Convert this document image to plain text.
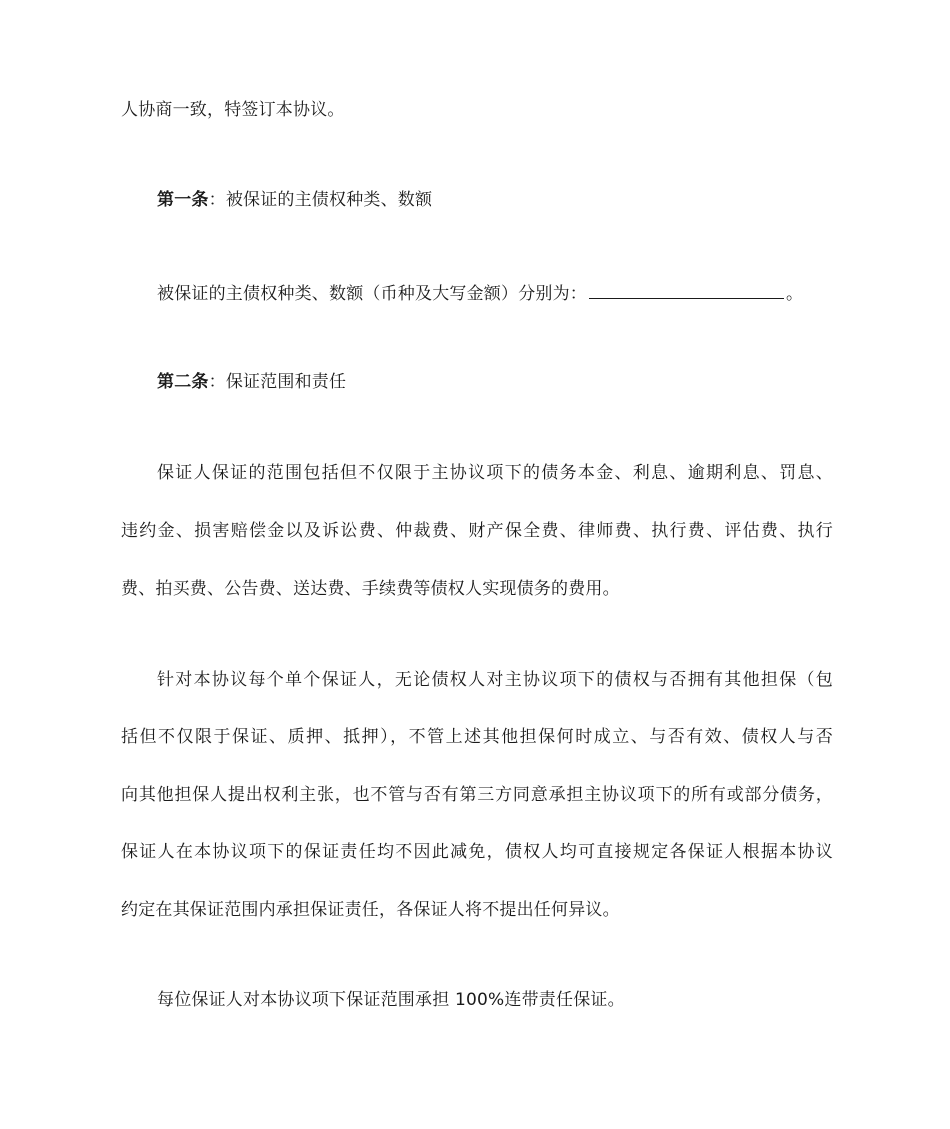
人协商一致，特签订本协议。
第一条：被保证的主债权种类、数额
被保证的主债权种类、数额（币种及大写金额）分别为：	。
第二条：保证范围和责任
保证人保证的范围包括但不仅限于主协议项下的债务本金、利息、逾期利息、罚息、
违约金、损害赔偿金以及诉讼费、仲裁费、财产保全费、律师费、执行费、评估费、执行
费、拍买费、公告费、送达费、手续费等债权人实现债务的费用。
针对本协议每个单个保证人，无论债权人对主协议项下的债权与否拥有其他担保（包
括但不仅限于保证、质押、抵押），不管上述其他担保何时成立、与否有效、债权人与否
向其他担保人提出权利主张，也不管与否有第三方同意承担主协议项下的所有或部分债务，
保证人在本协议项下的保证责任均不因此减免，债权人均可直接规定各保证人根据本协议
约定在其保证范围内承担保证责任，各保证人将不提出任何异议。
每位保证人对本协议项下保证范围承担 100%连带责任保证。
